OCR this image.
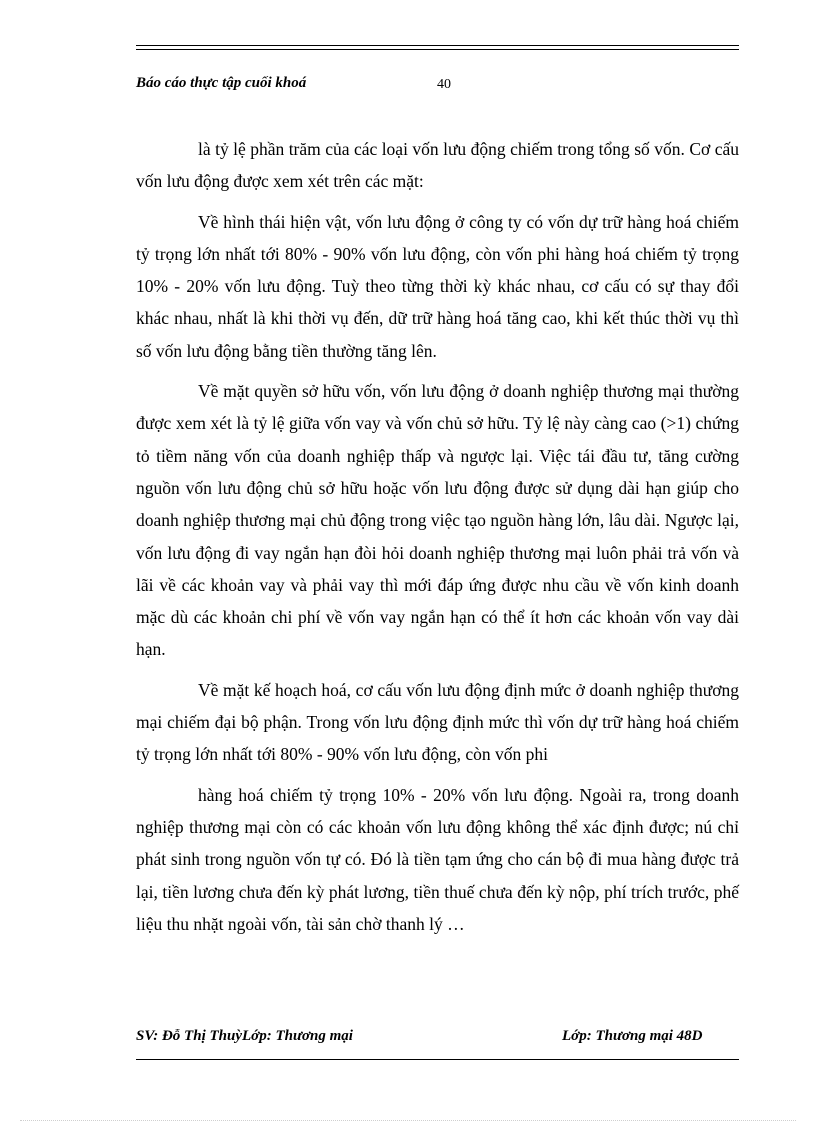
Báo cáo thực tập cuối khoá	40

là tỷ lệ phần trăm của các loại vốn lưu động chiếm trong tổng số vốn. Cơ cấu vốn lưu động được xem xét trên các mặt:

Về hình thái hiện vật, vốn lưu động ở công ty có vốn dự trữ hàng hoá chiếm tỷ trọng lớn nhất tới 80% - 90% vốn lưu động, còn vốn phi hàng hoá chiếm tỷ trọng 10% - 20% vốn lưu động. Tuỳ theo từng thời kỳ khác nhau, cơ cấu có sự thay đổi khác nhau, nhất là khi thời vụ đến, dữ trữ hàng hoá tăng cao, khi kết thúc thời vụ thì số vốn lưu động bằng tiền thường tăng lên.

Về mặt quyền sở hữu vốn, vốn lưu động ở doanh nghiệp thương mại thường được xem xét là tỷ lệ giữa vốn vay và vốn chủ sở hữu. Tỷ lệ này càng cao (>1) chứng tỏ tiềm năng vốn của doanh nghiệp thấp và ngược lại. Việc tái đầu tư, tăng cường nguồn vốn lưu động chủ sở hữu hoặc vốn lưu động được sử dụng dài hạn giúp cho doanh nghiệp thương mại chủ động trong việc tạo nguồn hàng lớn, lâu dài. Ngược lại, vốn lưu động đi vay ngắn hạn đòi hỏi doanh nghiệp thương mại luôn phải trả vốn và lãi về các khoản vay và phải vay thì mới đáp ứng được nhu cầu về vốn kinh doanh mặc dù các khoản chi phí về vốn vay ngắn hạn có thể ít hơn các khoản vốn vay dài hạn.

Về mặt kế hoạch hoá, cơ cấu vốn lưu động định mức ở doanh nghiệp thương mại chiếm đại bộ phận. Trong vốn lưu động định mức thì vốn dự trữ hàng hoá chiếm tỷ trọng lớn nhất tới 80% - 90% vốn lưu động, còn vốn phi

hàng hoá chiếm tỷ trọng 10% - 20% vốn lưu động. Ngoài ra, trong doanh nghiệp thương mại còn có các khoản vốn lưu động không thể xác định được; nú chỉ phát sinh trong nguồn vốn tự có. Đó là tiền tạm ứng cho cán bộ đi mua hàng được trả lại, tiền lương chưa đến kỳ phát lương, tiền thuế chưa đến kỳ nộp, phí trích trước, phế liệu thu nhặt ngoài vốn, tài sản chờ thanh lý …

SV: Đỗ Thị ThuỳLớp: Thương mại	Lớp: Thương mại 48D
